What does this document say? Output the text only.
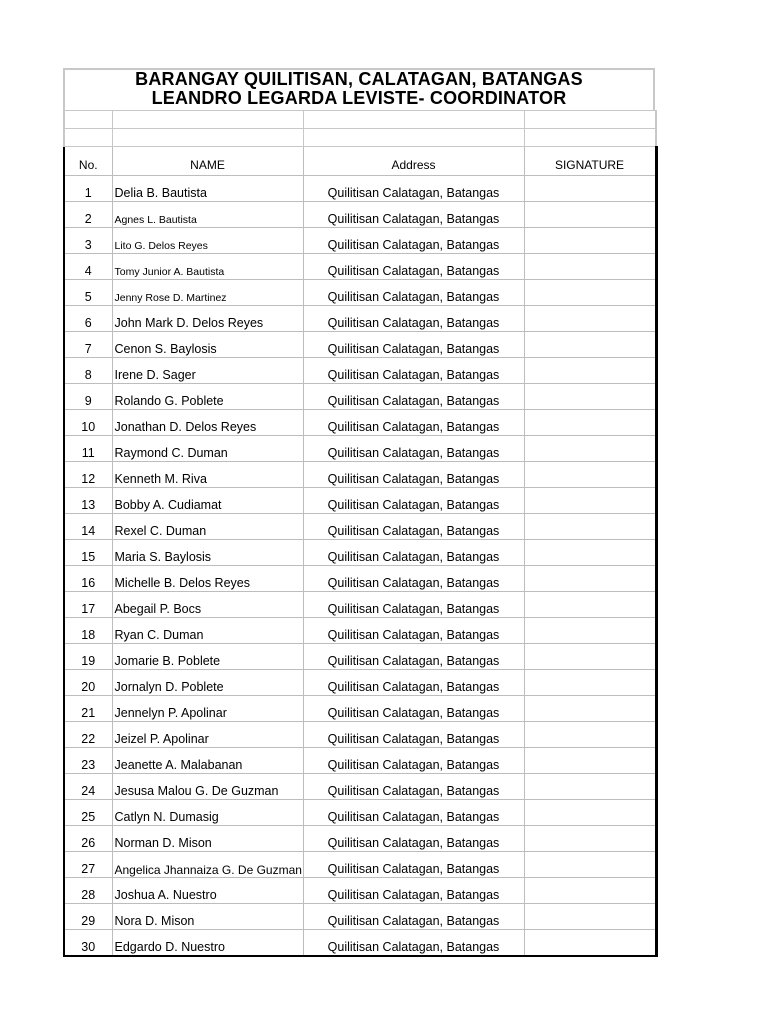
BARANGAY QUILITISAN, CALATAGAN, BATANGAS
LEANDRO LEGARDA LEVISTE- COORDINATOR

No.	NAME	Address	SIGNATURE
1	Delia B. Bautista	Quilitisan Calatagan, Batangas	
2	Agnes L. Bautista	Quilitisan Calatagan, Batangas	
3	Lito G. Delos Reyes	Quilitisan Calatagan, Batangas	
4	Tomy Junior A. Bautista	Quilitisan Calatagan, Batangas	
5	Jenny Rose D. Martinez	Quilitisan Calatagan, Batangas	
6	John Mark D. Delos Reyes	Quilitisan Calatagan, Batangas	
7	Cenon S. Baylosis	Quilitisan Calatagan, Batangas	
8	Irene D. Sager	Quilitisan Calatagan, Batangas	
9	Rolando G. Poblete	Quilitisan Calatagan, Batangas	
10	Jonathan D. Delos Reyes	Quilitisan Calatagan, Batangas	
11	Raymond C. Duman	Quilitisan Calatagan, Batangas	
12	Kenneth M. Riva	Quilitisan Calatagan, Batangas	
13	Bobby A. Cudiamat	Quilitisan Calatagan, Batangas	
14	Rexel C. Duman	Quilitisan Calatagan, Batangas	
15	Maria S. Baylosis	Quilitisan Calatagan, Batangas	
16	Michelle B. Delos Reyes	Quilitisan Calatagan, Batangas	
17	Abegail P. Bocs	Quilitisan Calatagan, Batangas	
18	Ryan C. Duman	Quilitisan Calatagan, Batangas	
19	Jomarie B. Poblete	Quilitisan Calatagan, Batangas	
20	Jornalyn D. Poblete	Quilitisan Calatagan, Batangas	
21	Jennelyn P. Apolinar	Quilitisan Calatagan, Batangas	
22	Jeizel P. Apolinar	Quilitisan Calatagan, Batangas	
23	Jeanette A. Malabanan	Quilitisan Calatagan, Batangas	
24	Jesusa Malou G. De Guzman	Quilitisan Calatagan, Batangas	
25	Catlyn N. Dumasig	Quilitisan Calatagan, Batangas	
26	Norman D. Mison	Quilitisan Calatagan, Batangas	
27	Angelica Jhannaiza G. De Guzman	Quilitisan Calatagan, Batangas	
28	Joshua A. Nuestro	Quilitisan Calatagan, Batangas	
29	Nora D. Mison	Quilitisan Calatagan, Batangas	
30	Edgardo D. Nuestro	Quilitisan Calatagan, Batangas	
